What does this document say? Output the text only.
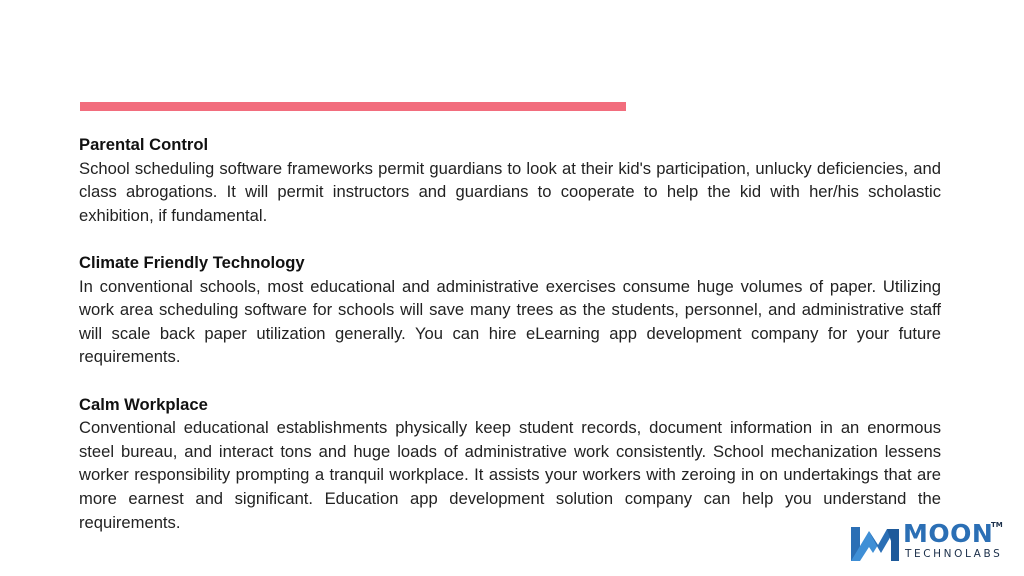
Parental Control

School scheduling software frameworks permit guardians to look at their kid's participation, unlucky deficiencies, and class abrogations. It will permit instructors and guardians to cooperate to help the kid with her/his scholastic exhibition, if fundamental.

Climate Friendly Technology

In conventional schools, most educational and administrative exercises consume huge volumes of paper. Utilizing work area scheduling software for schools will save many trees as the students, personnel, and administrative staff will scale back paper utilization generally. You can hire eLearning app development company for your future requirements.

Calm Workplace

Conventional educational establishments physically keep student records, document information in an enormous steel bureau, and interact tons and huge loads of administrative work consistently. School mechanization lessens worker responsibility prompting a tranquil workplace. It assists your workers with zeroing in on undertakings that are more earnest and significant. Education app development solution company can help you understand the requirements.	MOON
TM
TECHNOLABS
